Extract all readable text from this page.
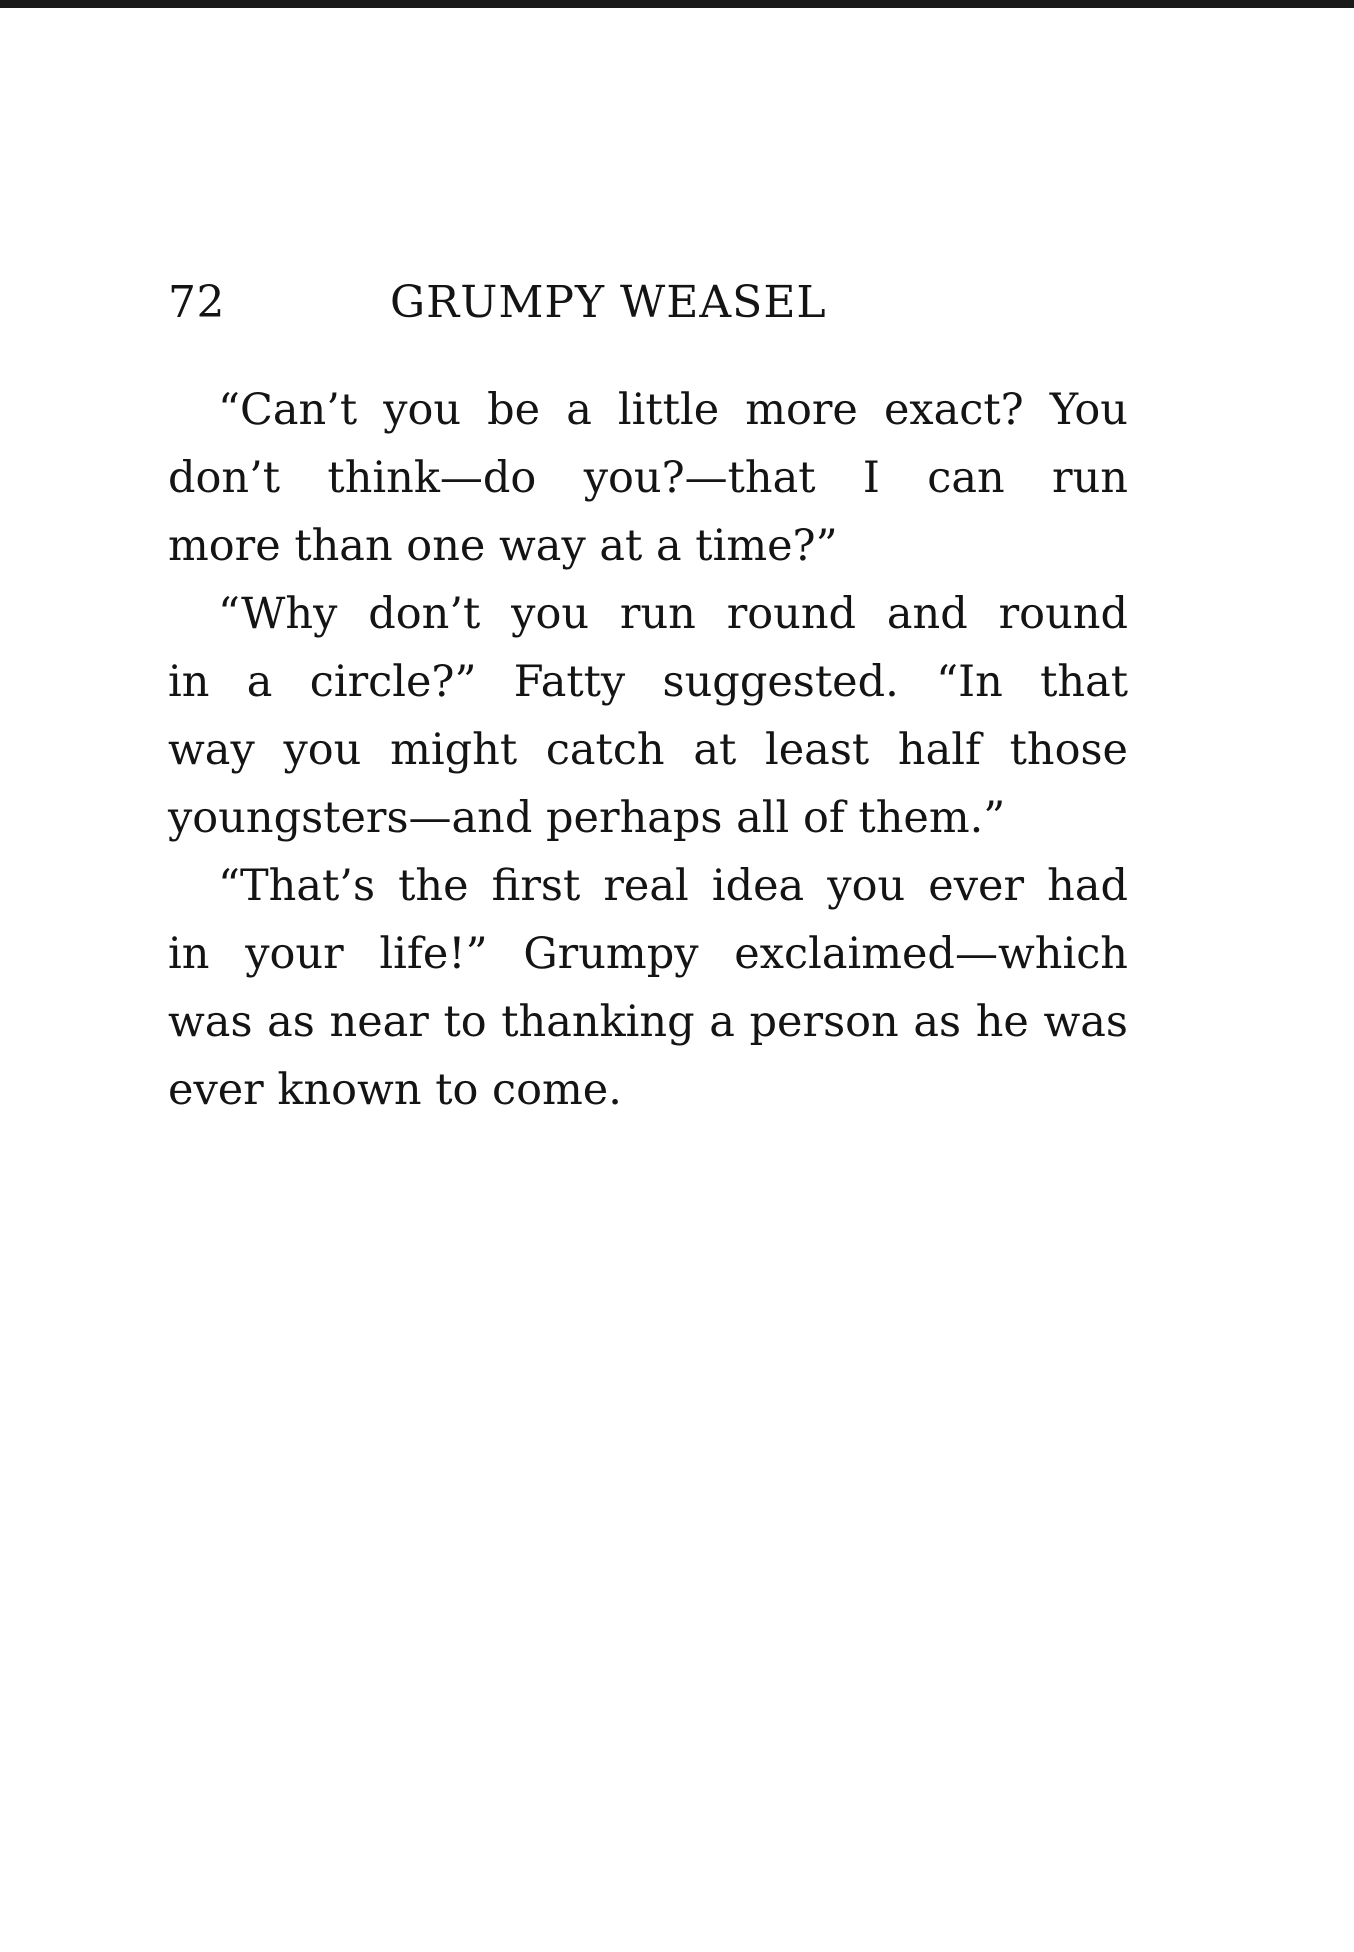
72	GRUMPY WEASEL
“Can’t you be a little more exact? You
don’t think—do you?—that I can run
more than one way at a time?”
“Why don’t you run round and round
in a circle?” Fatty suggested. “In that
way you might catch at least half those
youngsters—and perhaps all of them.”
“That’s the first real idea you ever had
in your life!” Grumpy exclaimed—which
was as near to thanking a person as he was
ever known to come.
